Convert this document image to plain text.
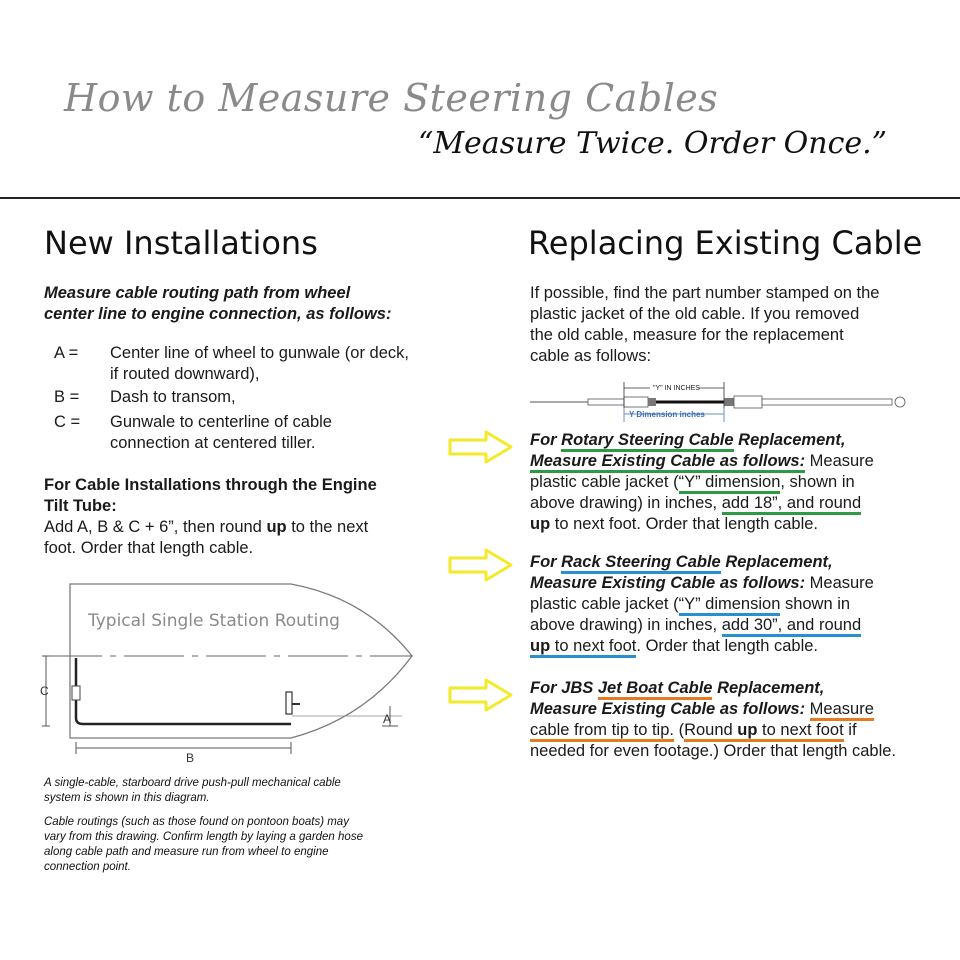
How to Measure Steering Cables
“Measure Twice. Order Once.”
New Installations
Measure cable routing path from wheel
center line to engine connection, as follows:
A =	Center line of wheel to gunwale (or deck, if routed downward),
B =	Dash to transom,
C =	Gunwale to centerline of cable connection at centered tiller.
For Cable Installations through the Engine
Tilt Tube:
Add A, B & C + 6”, then round up to the next
foot. Order that length cable.
C
A
B
Typical Single Station Routing
A single-cable, starboard drive push-pull mechanical cable
system is shown in this diagram.
Cable routings (such as those found on pontoon boats) may
vary from this drawing. Confirm length by laying a garden hose
along cable path and measure run from wheel to engine
connection point.
Replacing Existing Cable
If possible, find the part number stamped on the
plastic jacket of the old cable. If you removed
the old cable, measure for the replacement
cable as follows:
"Y" IN INCHES
Y Dimension inches
For Rotary Steering Cable Replacement,
Measure Existing Cable as follows: Measure
plastic cable jacket (“Y” dimension, shown in
above drawing) in inches, add 18”, and round
up to next foot. Order that length cable.
For Rack Steering Cable Replacement,
Measure Existing Cable as follows: Measure
plastic cable jacket (“Y” dimension shown in
above drawing) in inches, add 30”, and round
up to next foot. Order that length cable.
For JBS Jet Boat Cable Replacement,
Measure Existing Cable as follows: Measure
cable from tip to tip. (Round up to next foot if
needed for even footage.) Order that length cable.
